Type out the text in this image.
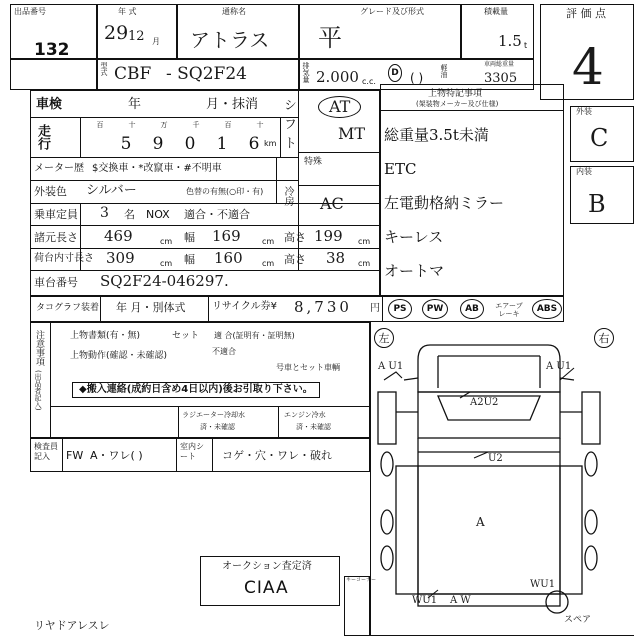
出品番号
132
年 式
29 12 月
通称名
アトラス
グレード及び形式
平
積載量
1.5 t
評 価 点
4
型式 CBF - SQ2F24	排気量 2.000 c.c.
D ( ) 軽油	車両総重量
3305
車検	年	月・抹消 シフト	AT
MT
上物特記事項
(架装物メーカー及び仕様)
走行	百	十	万	千	百	十
5 9 0 1 6 km
メーター歴 $交換車・*改竄車・#不明車
外装色 シルバー	色替の有無(○印・有) 冷房 AC
特殊
乗車定員 3 名 NOX 適合・不適合
諸元長さ 469	cm 幅 169	cm 高さ 199 cm
荷台内寸長さ 309	cm 幅 160 cm 高さ 38 cm
車台番号 SQ2F24-046297.
総重量3.5t未満
ETC
左電動格納ミラー
キーレス
オートマ
外装
C
内装
B
タコグラフ装着 年 月・別体式	リサイクル券¥ 8,730 円	PS	PW	AB	エアーブレーキ	ABS
注意事項
(出品者記入)
上物書類(有・無)	セット 適 合(証明有・証明無)
不適合
上物動作(確認・未確認)
号車とセット車輌
◆搬入連絡(成約日含め4日以内)後お引取り下さい。
ラジエーター冷却水
済・未確認
エンジン冷水
済・未確認
検査員記入	FW A・ワレ( )
室内シート	コゲ・穴・ワレ・破れ
左	右
A U1	A U1
A2U2
U2
A
WU1 A W
WU1
スペア
オークション査定済
CIAA	キーコーナー
リヤドアレスレ
